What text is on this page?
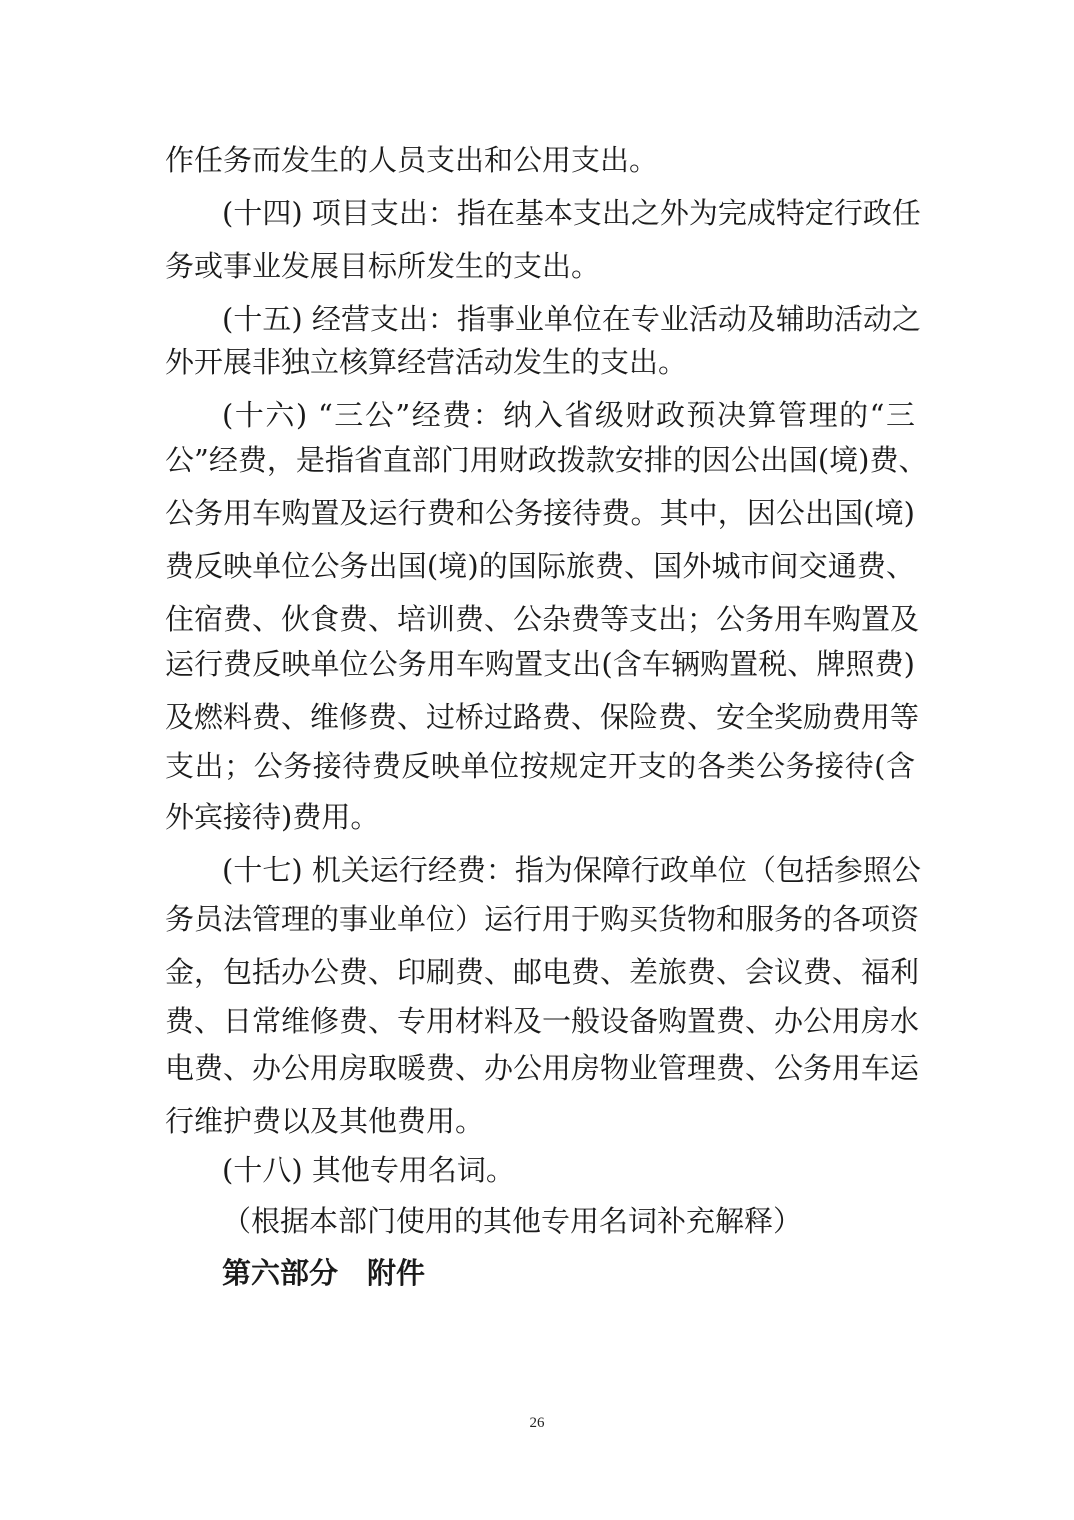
作任务而发生的人员支出和公用支出。
(十四) 项目支出：指在基本支出之外为完成特定行政任
务或事业发展目标所发生的支出。
(十五) 经营支出：指事业单位在专业活动及辅助活动之
外开展非独立核算经营活动发生的支出。
(十六) “三公”经费：纳入省级财政预决算管理的“三
公”经费，是指省直部门用财政拨款安排的因公出国(境)费、
公务用车购置及运行费和公务接待费。其中，因公出国(境)
费反映单位公务出国(境)的国际旅费、国外城市间交通费、
住宿费、伙食费、培训费、公杂费等支出；公务用车购置及
运行费反映单位公务用车购置支出(含车辆购置税、牌照费)
及燃料费、维修费、过桥过路费、保险费、安全奖励费用等
支出；公务接待费反映单位按规定开支的各类公务接待(含
外宾接待)费用。
(十七) 机关运行经费：指为保障行政单位（包括参照公
务员法管理的事业单位）运行用于购买货物和服务的各项资
金，包括办公费、印刷费、邮电费、差旅费、会议费、福利
费、日常维修费、专用材料及一般设备购置费、办公用房水
电费、办公用房取暖费、办公用房物业管理费、公务用车运
行维护费以及其他费用。
(十八) 其他专用名词。
（根据本部门使用的其他专用名词补充解释）
第六部分　附件
26
